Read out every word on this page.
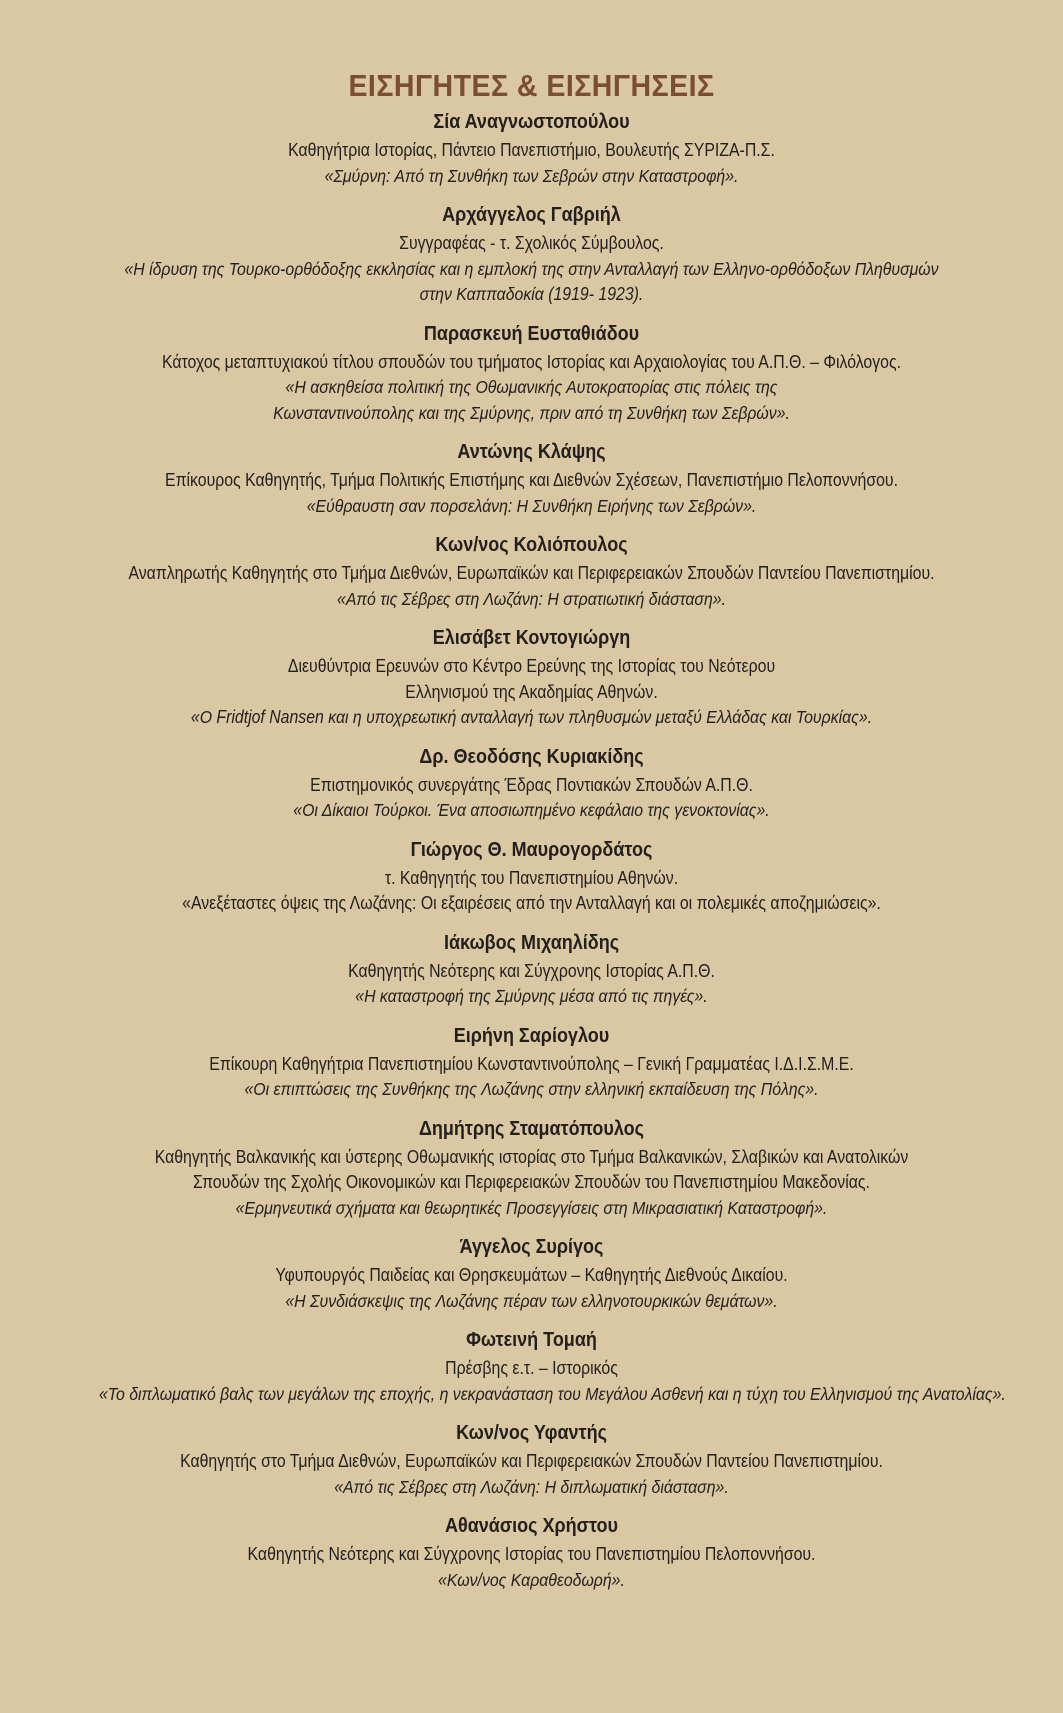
ΕΙΣΗΓΗΤΕΣ & ΕΙΣΗΓΗΣΕΙΣ
Σία Αναγνωστοπούλου
Καθηγήτρια Ιστορίας, Πάντειο Πανεπιστήμιο, Βουλευτής ΣΥΡΙΖΑ-Π.Σ.
«Σμύρνη: Από τη Συνθήκη των Σεβρών στην Καταστροφή».
Αρχάγγελος Γαβριήλ
Συγγραφέας - τ. Σχολικός Σύμβουλος.
«Η ίδρυση της Τουρκο-ορθόδοξης εκκλησίας και η εμπλοκή της στην Ανταλλαγή των Ελληνο-ορθόδοξων Πληθυσμών
στην Καππαδοκία (1919- 1923).
Παρασκευή Ευσταθιάδου
Κάτοχος μεταπτυχιακού τίτλου σπουδών του τμήματος Ιστορίας και Αρχαιολογίας του Α.Π.Θ. – Φιλόλογος.
«Η ασκηθείσα πολιτική της Οθωμανικής Αυτοκρατορίας στις πόλεις της
Κωνσταντινούπολης και της Σμύρνης, πριν από τη Συνθήκη των Σεβρών».
Αντώνης Κλάψης
Επίκουρος Καθηγητής, Τμήμα Πολιτικής Επιστήμης και Διεθνών Σχέσεων, Πανεπιστήμιο Πελοποννήσου.
«Εύθραυστη σαν πορσελάνη: Η Συνθήκη Ειρήνης των Σεβρών».
Κων/νος Κολιόπουλος
Αναπληρωτής Καθηγητής στο Τμήμα Διεθνών, Ευρωπαϊκών και Περιφερειακών Σπουδών Παντείου Πανεπιστημίου.
«Από τις Σέβρες στη Λωζάνη: Η στρατιωτική διάσταση».
Ελισάβετ Κοντογιώργη
Διευθύντρια Ερευνών στο Κέντρο Ερεύνης της Ιστορίας του Νεότερου
Ελληνισμού της Ακαδημίας Αθηνών.
«Ο Fridtjof Nansen και η υποχρεωτική ανταλλαγή των πληθυσμών μεταξύ Ελλάδας και Τουρκίας».
Δρ. Θεοδόσης Κυριακίδης
Επιστημονικός συνεργάτης Έδρας Ποντιακών Σπουδών Α.Π.Θ.
«Οι Δίκαιοι Τούρκοι. Ένα αποσιωπημένο κεφάλαιο της γενοκτονίας».
Γιώργος Θ. Μαυρογορδάτος
τ. Καθηγητής του Πανεπιστημίου Αθηνών.
«Ανεξέταστες όψεις της Λωζάνης: Οι εξαιρέσεις από την Ανταλλαγή και οι πολεμικές αποζημιώσεις».
Ιάκωβος Μιχαηλίδης
Καθηγητής Νεότερης και Σύγχρονης Ιστορίας Α.Π.Θ.
«Η καταστροφή της Σμύρνης μέσα από τις πηγές».
Ειρήνη Σαρίογλου
Επίκουρη Καθηγήτρια Πανεπιστημίου Κωνσταντινούπολης – Γενική Γραμματέας Ι.Δ.Ι.Σ.Μ.Ε.
«Οι επιπτώσεις της Συνθήκης της Λωζάνης στην ελληνική εκπαίδευση της Πόλης».
Δημήτρης Σταματόπουλος
Καθηγητής Βαλκανικής και ύστερης Οθωμανικής ιστορίας στο Τμήμα Βαλκανικών, Σλαβικών και Ανατολικών
Σπουδών της Σχολής Οικονομικών και Περιφερειακών Σπουδών του Πανεπιστημίου Μακεδονίας.
«Ερμηνευτικά σχήματα και θεωρητικές Προσεγγίσεις στη Μικρασιατική Καταστροφή».
Άγγελος Συρίγος
Υφυπουργός Παιδείας και Θρησκευμάτων – Καθηγητής Διεθνούς Δικαίου.
«Η Συνδιάσκεψις της Λωζάνης πέραν των ελληνοτουρκικών θεμάτων».
Φωτεινή Τομαή
Πρέσβης ε.τ. – Ιστορικός
«Το διπλωματικό βαλς των μεγάλων της εποχής, η νεκρανάσταση του Μεγάλου Ασθενή και η τύχη του Ελληνισμού της Ανατολίας».
Κων/νος Υφαντής
Καθηγητής στο Τμήμα Διεθνών, Ευρωπαϊκών και Περιφερειακών Σπουδών Παντείου Πανεπιστημίου.
«Από τις Σέβρες στη Λωζάνη: Η διπλωματική διάσταση».
Αθανάσιος Χρήστου
Καθηγητής Νεότερης και Σύγχρονης Ιστορίας του Πανεπιστημίου Πελοποννήσου.
«Κων/νος Καραθεοδωρή».
